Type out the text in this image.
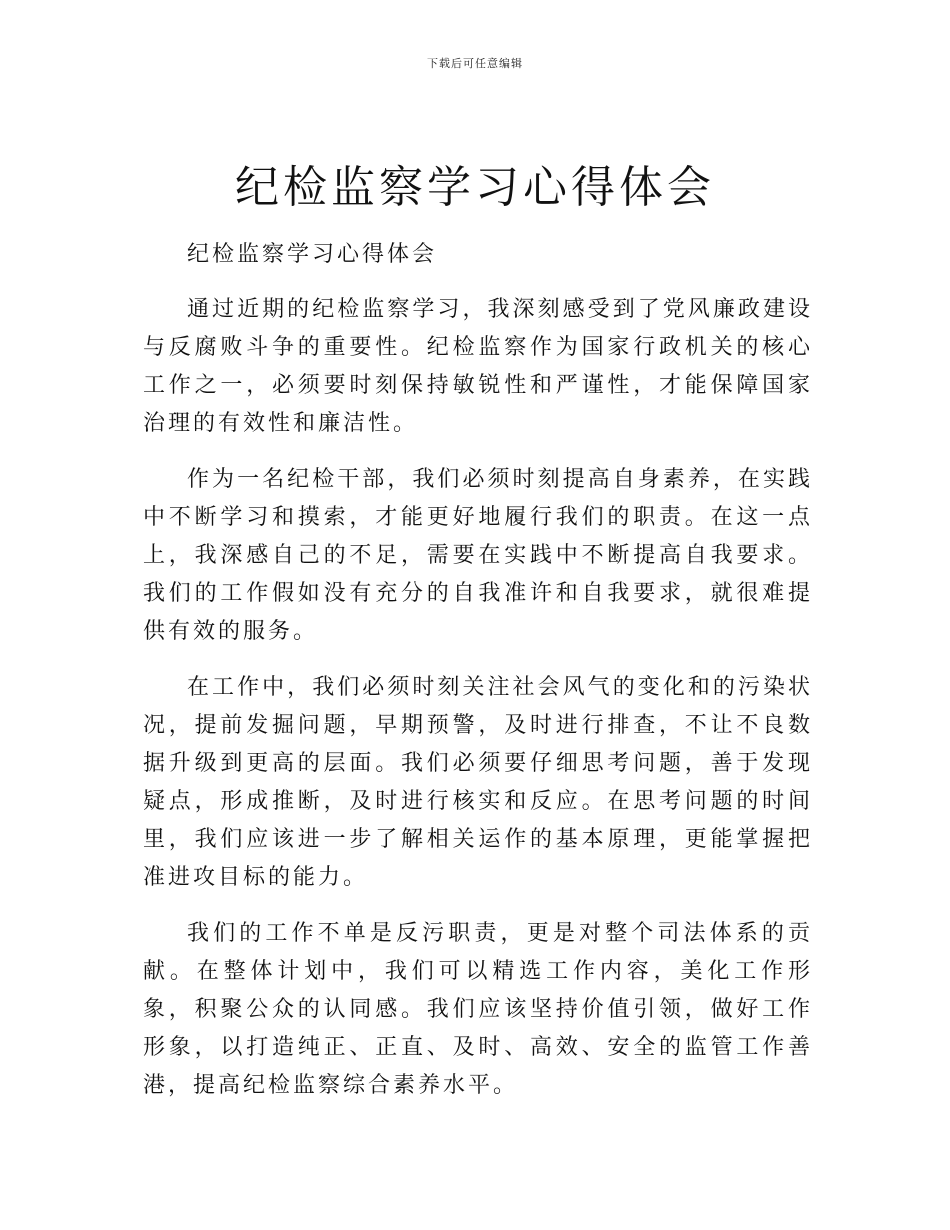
下载后可任意编辑
纪检监察学习心得体会

纪检监察学习心得体会

通过近期的纪检监察学习，我深刻感受到了党风廉政建设与反腐败斗争的重要性。纪检监察作为国家行政机关的核心工作之一，必须要时刻保持敏锐性和严谨性，才能保障国家治理的有效性和廉洁性。

作为一名纪检干部，我们必须时刻提高自身素养，在实践中不断学习和摸索，才能更好地履行我们的职责。在这一点上，我深感自己的不足，需要在实践中不断提高自我要求。我们的工作假如没有充分的自我准许和自我要求，就很难提供有效的服务。

在工作中，我们必须时刻关注社会风气的变化和的污染状况，提前发掘问题，早期预警，及时进行排查，不让不良数据升级到更高的层面。我们必须要仔细思考问题，善于发现疑点，形成推断，及时进行核实和反应。在思考问题的时间里，我们应该进一步了解相关运作的基本原理，更能掌握把准进攻目标的能力。

我们的工作不单是反污职责，更是对整个司法体系的贡献。在整体计划中，我们可以精选工作内容，美化工作形象，积聚公众的认同感。我们应该坚持价值引领，做好工作形象，以打造纯正、正直、及时、高效、安全的监管工作善港，提高纪检监察综合素养水平。
